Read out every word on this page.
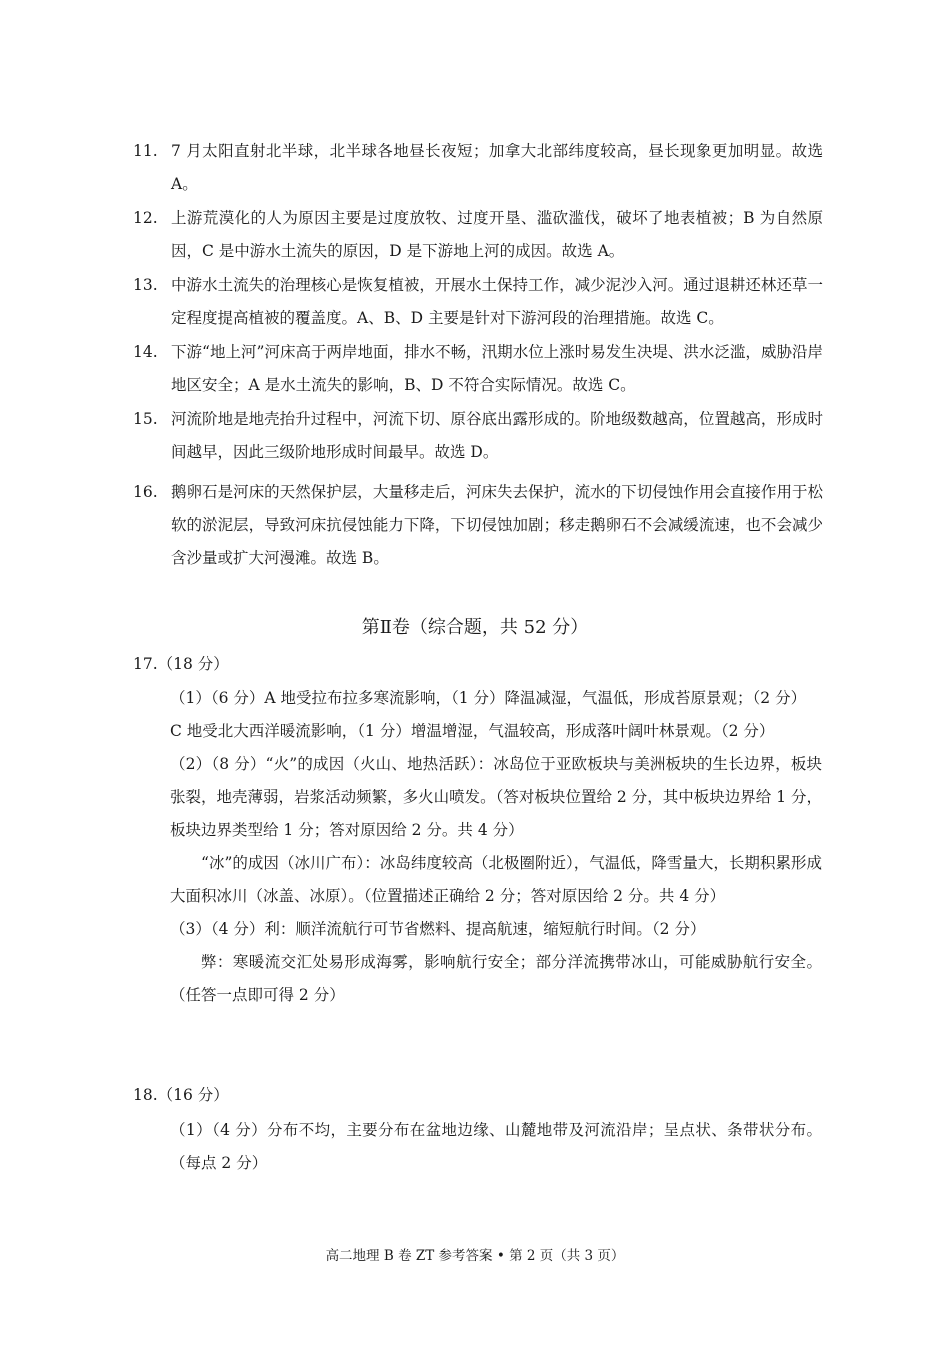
11. 7 月太阳直射北半球，北半球各地昼长夜短；加拿大北部纬度较高，昼长现象更加明显。故选 A。
12. 上游荒漠化的人为原因主要是过度放牧、过度开垦、滥砍滥伐，破坏了地表植被；B 为自然原因，C 是中游水土流失的原因，D 是下游地上河的成因。故选 A。
13. 中游水土流失的治理核心是恢复植被，开展水土保持工作，减少泥沙入河。通过退耕还林还草一定程度提高植被的覆盖度。A、B、D 主要是针对下游河段的治理措施。故选 C。
14. 下游“地上河”河床高于两岸地面，排水不畅，汛期水位上涨时易发生决堤、洪水泛滥，威胁沿岸地区安全；A 是水土流失的影响，B、D 不符合实际情况。故选 C。
15. 河流阶地是地壳抬升过程中，河流下切、原谷底出露形成的。阶地级数越高，位置越高，形成时间越早，因此三级阶地形成时间最早。故选 D。
16. 鹅卵石是河床的天然保护层，大量移走后，河床失去保护，流水的下切侵蚀作用会直接作用于松软的淤泥层，导致河床抗侵蚀能力下降，下切侵蚀加剧；移走鹅卵石不会减缓流速，也不会减少含沙量或扩大河漫滩。故选 B。
第Ⅱ卷（综合题，共 52 分）
17.（18 分）

（1）（6 分）A 地受拉布拉多寒流影响，（1 分）降温减湿，气温低，形成苔原景观；（2 分）

C 地受北大西洋暖流影响，（1 分）增温增湿，气温较高，形成落叶阔叶林景观。（2 分）

（2）（8 分）“火”的成因（火山、地热活跃）：冰岛位于亚欧板块与美洲板块的生长边界，板块张裂，地壳薄弱，岩浆活动频繁，多火山喷发。（答对板块位置给 2 分，其中板块边界给 1 分，板块边界类型给 1 分；答对原因给 2 分。共 4 分）

“冰”的成因（冰川广布）：冰岛纬度较高（北极圈附近），气温低，降雪量大，长期积累形成大面积冰川（冰盖、冰原）。（位置描述正确给 2 分；答对原因给 2 分。共 4 分）

（3）（4 分）利：顺洋流航行可节省燃料、提高航速，缩短航行时间。（2 分）

弊：寒暖流交汇处易形成海雾，影响航行安全；部分洋流携带冰山，可能威胁航行安全。（任答一点即可得 2 分）

18.（16 分）

（1）（4 分）分布不均，主要分布在盆地边缘、山麓地带及河流沿岸；呈点状、条带状分布。（每点 2 分）

高二地理 B 卷 ZT 参考答案 • 第 2 页（共 3 页）
